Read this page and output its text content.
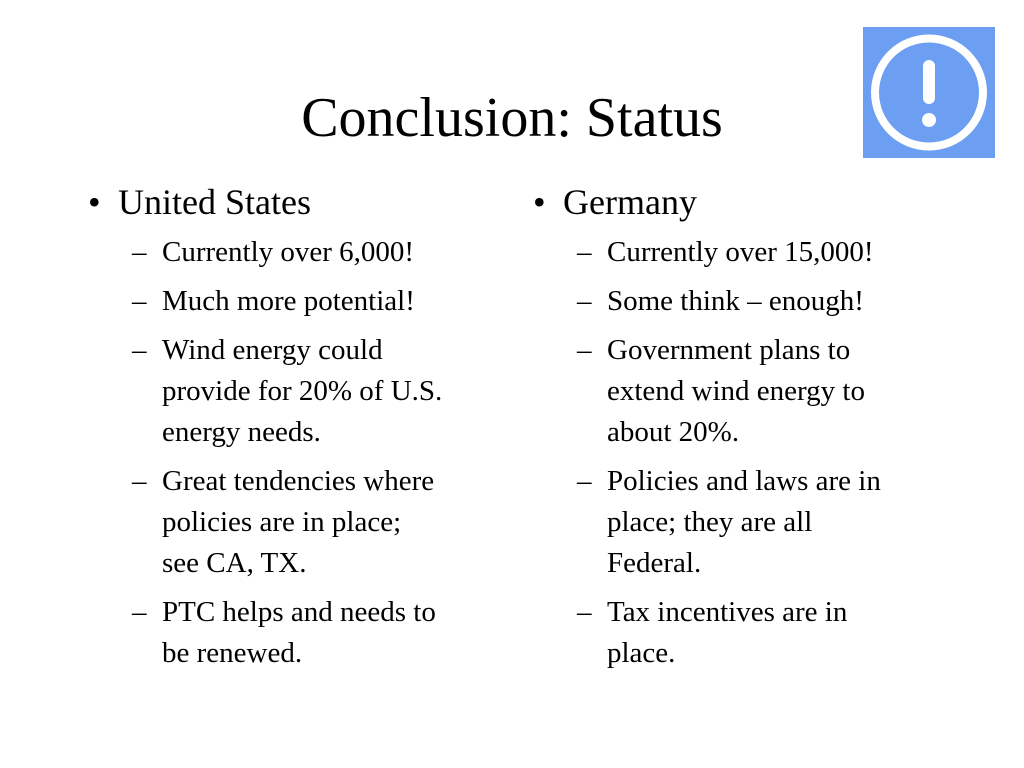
Conclusion: Status
• United States
– Currently over 6,000!
– Much more potential!
– Wind energy could
provide for 20% of U.S.
energy needs.
– Great tendencies where
policies are in place;
see CA, TX.
– PTC helps and needs to
be renewed.
• Germany
– Currently over 15,000!
– Some think – enough!
– Government plans to
extend wind energy to
about 20%.
– Policies and laws are in
place; they are all
Federal.
– Tax incentives are in
place.
